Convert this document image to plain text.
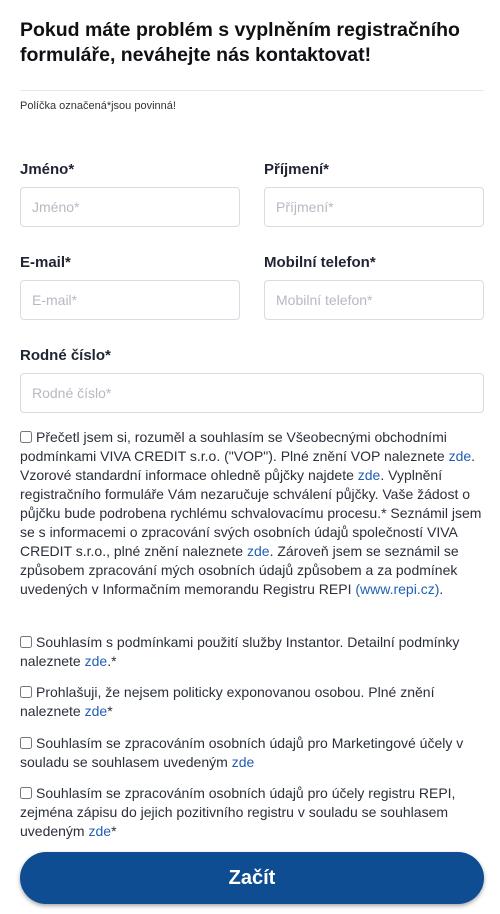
Pokud máte problém s vyplněním registračního formuláře, neváhejte nás kontaktovat!
Políčka označená*jsou povinná!
Jméno*
Jméno*	Příjmení*
Příjmení*
E-mail*
E-mail*	Mobilní telefon*
Mobilní telefon*
Rodné číslo*
Rodné číslo*
Přečetl jsem si, rozuměl a souhlasím se Všeobecnými obchodními podmínkami VIVA CREDIT s.r.o. ("VOP"). Plné znění VOP naleznete zde. Vzorové standardní informace ohledně půjčky najdete zde. Vyplnění registračního formuláře Vám nezaručuje schválení půjčky. Vaše žádost o půjčku bude podrobena rychlému schvalovacímu procesu.* Seznámil jsem se s informacemi o zpracování svých osobních údajů společností VIVA CREDIT s.r.o., plné znění naleznete zde. Zároveň jsem se seznámil se způsobem zpracování mých osobních údajů způsobem a za podmínek uvedených v Informačním memorandu Registru REPI (www.repi.cz).
Souhlasím s podmínkami použití služby Instantor. Detailní podmínky naleznete zde.*
Prohlašuji, že nejsem politicky exponovanou osobou. Plné znění naleznete zde*
Souhlasím se zpracováním osobních údajů pro Marketingové účely v souladu se souhlasem uvedeným zde
Souhlasím se zpracováním osobních údajů pro účely registru REPI, zejména zápisu do jejich pozitivního registru v souladu se souhlasem uvedeným zde*
Začít
